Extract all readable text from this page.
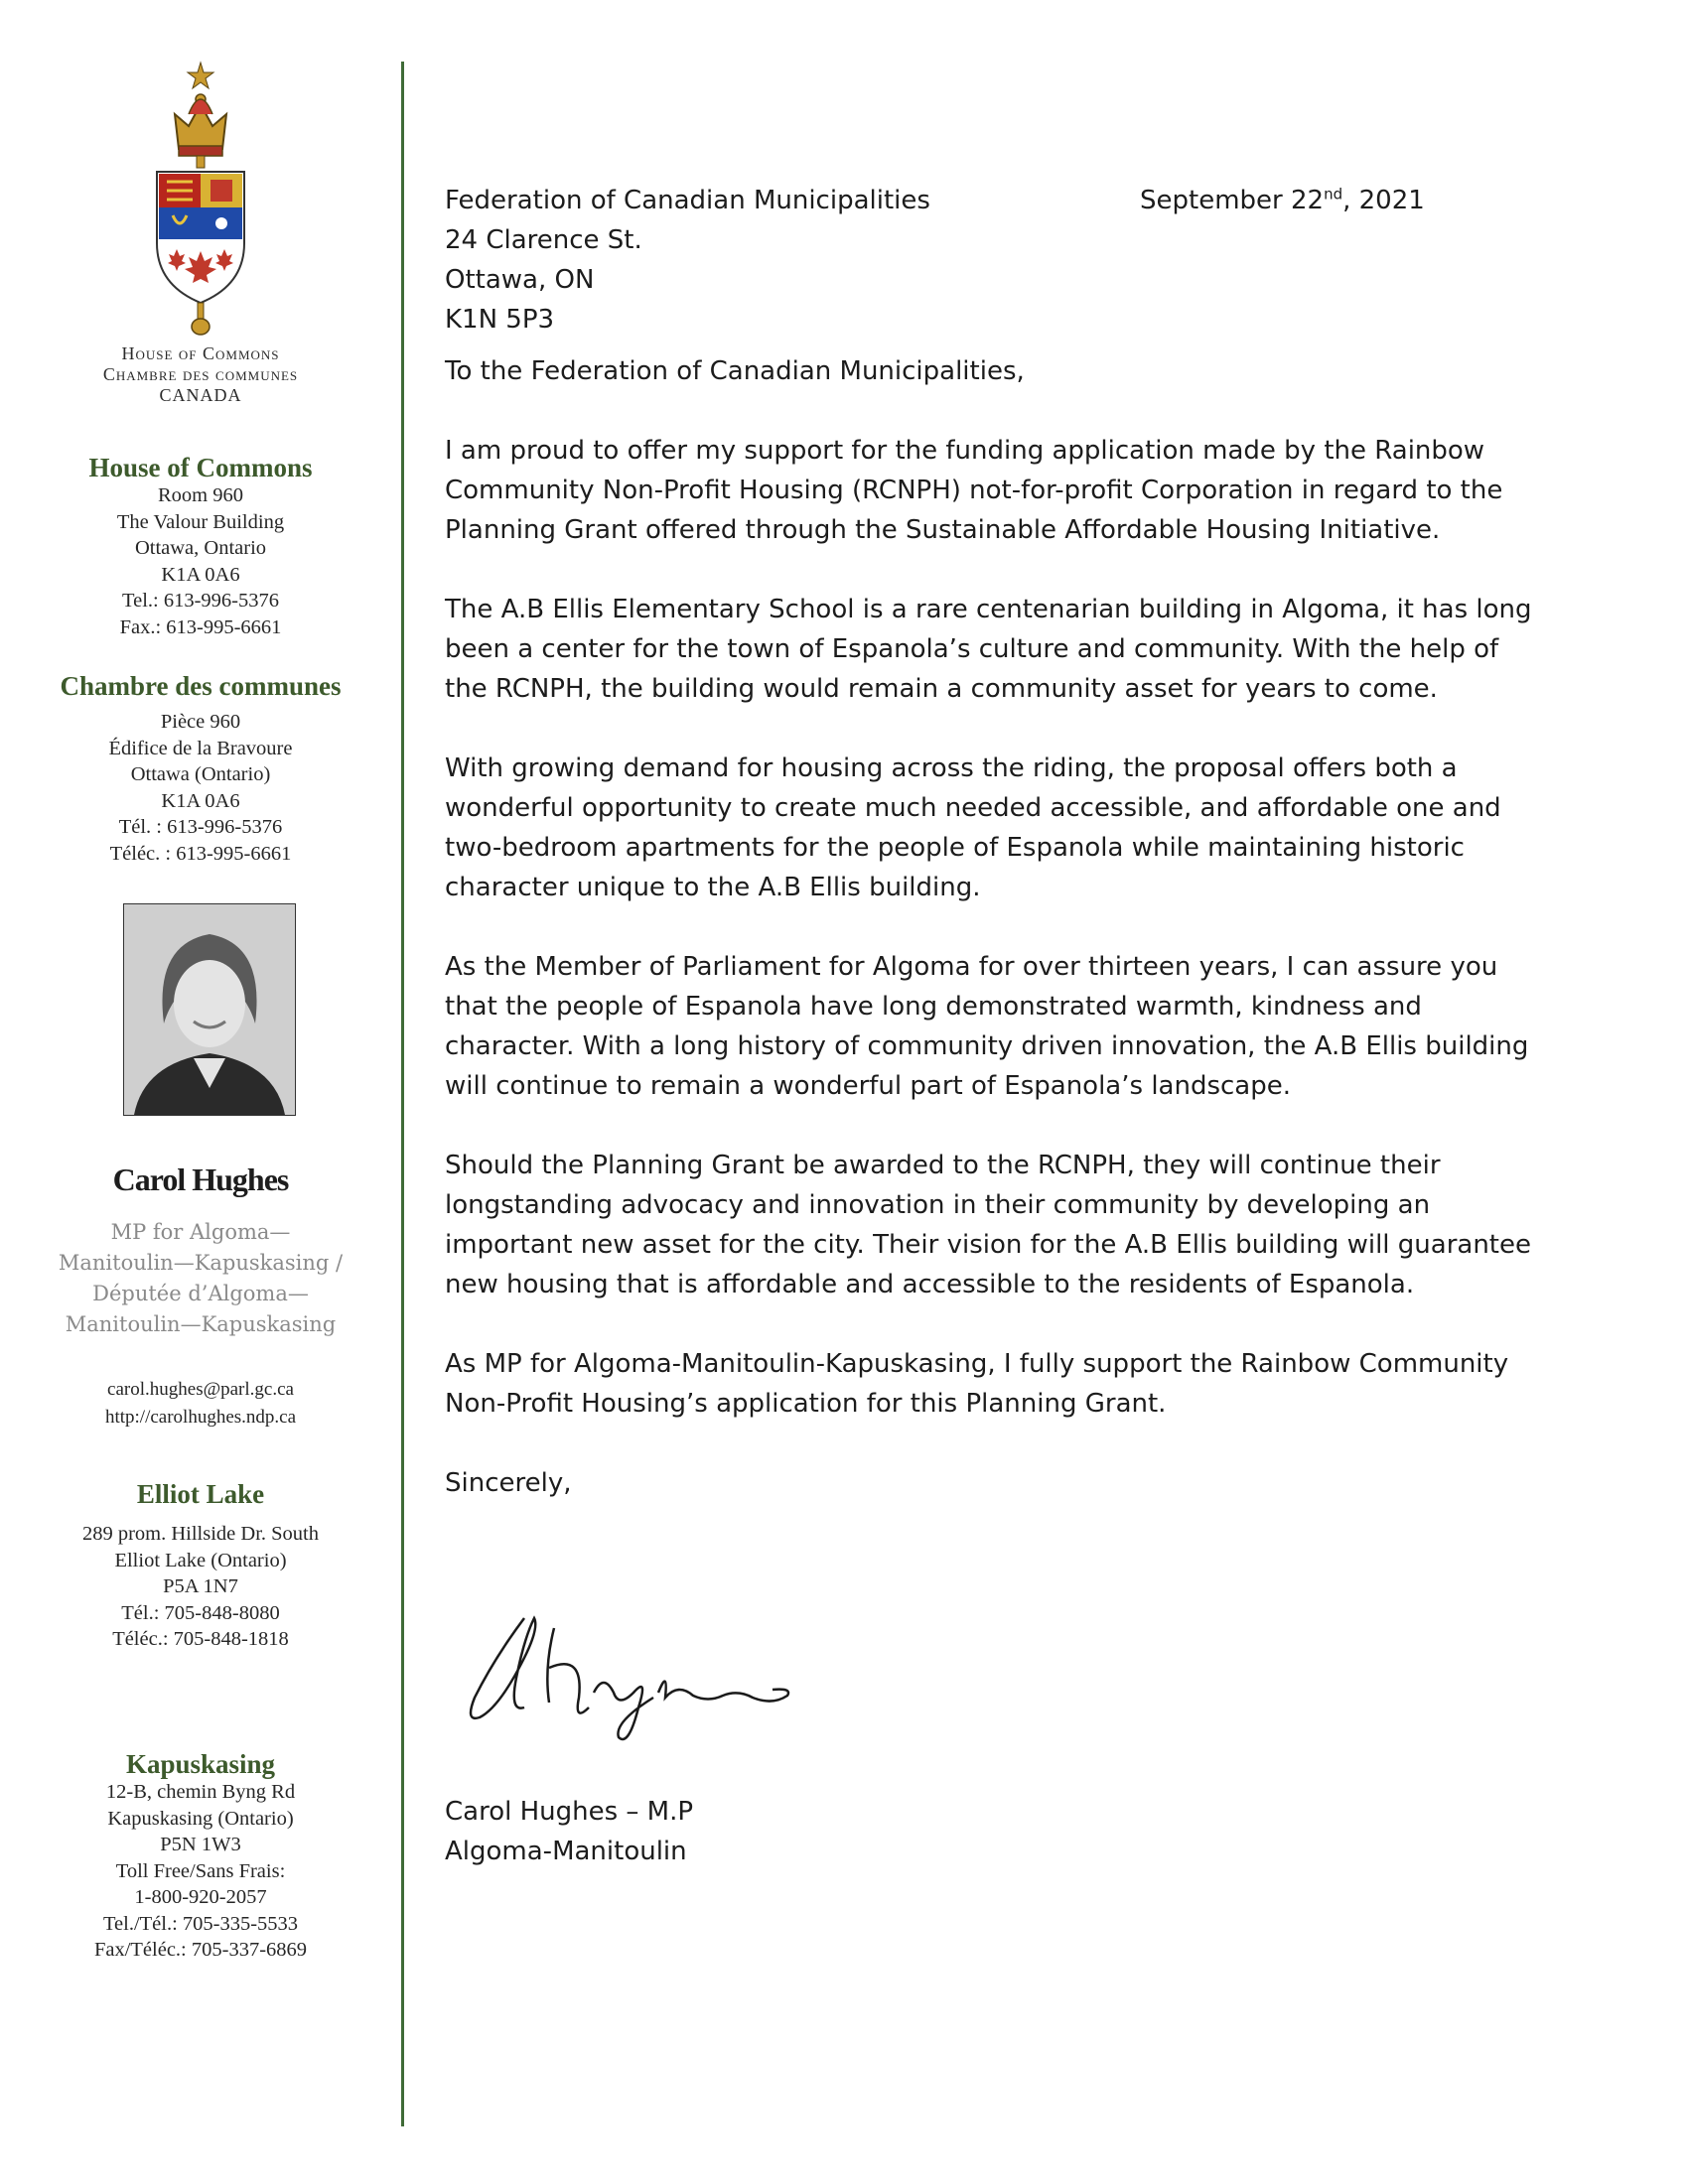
House of Commons
Chambre des communes
CANADA
House of Commons
Room 960
The Valour Building
Ottawa, Ontario
K1A 0A6
Tel.: 613-996-5376
Fax.: 613-995-6661
Chambre des communes
Pièce 960
Édifice de la Bravoure
Ottawa (Ontario)
K1A 0A6
Tél. : 613-996-5376
Téléc. : 613-995-6661
Carol Hughes
MP for Algoma—
Manitoulin—Kapuskasing /
Députée d’Algoma—
Manitoulin—Kapuskasing
carol.hughes@parl.gc.ca
http://carolhughes.ndp.ca
Elliot Lake
289 prom. Hillside Dr. South
Elliot Lake (Ontario)
P5A 1N7
Tél.: 705-848-8080
Téléc.: 705-848-1818
Kapuskasing
12-B, chemin Byng Rd
Kapuskasing (Ontario)
P5N 1W3
Toll Free/Sans Frais:
1-800-920-2057
Tel./Tél.: 705-335-5533
Fax/Téléc.: 705-337-6869
September 22nd, 2021
Federation of Canadian Municipalities
24 Clarence St.
Ottawa, ON
K1N 5P3
To the Federation of Canadian Municipalities,
I am proud to offer my support for the funding application made by the Rainbow
Community Non-Profit Housing (RCNPH) not-for-profit Corporation in regard to the
Planning Grant offered through the Sustainable Affordable Housing Initiative.
The A.B Ellis Elementary School is a rare centenarian building in Algoma, it has long
been a center for the town of Espanola’s culture and community. With the help of
the RCNPH, the building would remain a community asset for years to come.
With growing demand for housing across the riding, the proposal offers both a
wonderful opportunity to create much needed accessible, and affordable one and
two-bedroom apartments for the people of Espanola while maintaining historic
character unique to the A.B Ellis building.
As the Member of Parliament for Algoma for over thirteen years, I can assure you
that the people of Espanola have long demonstrated warmth, kindness and
character. With a long history of community driven innovation, the A.B Ellis building
will continue to remain a wonderful part of Espanola’s landscape.
Should the Planning Grant be awarded to the RCNPH, they will continue their
longstanding advocacy and innovation in their community by developing an
important new asset for the city. Their vision for the A.B Ellis building will guarantee
new housing that is affordable and accessible to the residents of Espanola.
As MP for Algoma-Manitoulin-Kapuskasing, I fully support the Rainbow Community
Non-Profit Housing’s application for this Planning Grant.
Sincerely,
Carol Hughes – M.P
Algoma-Manitoulin
